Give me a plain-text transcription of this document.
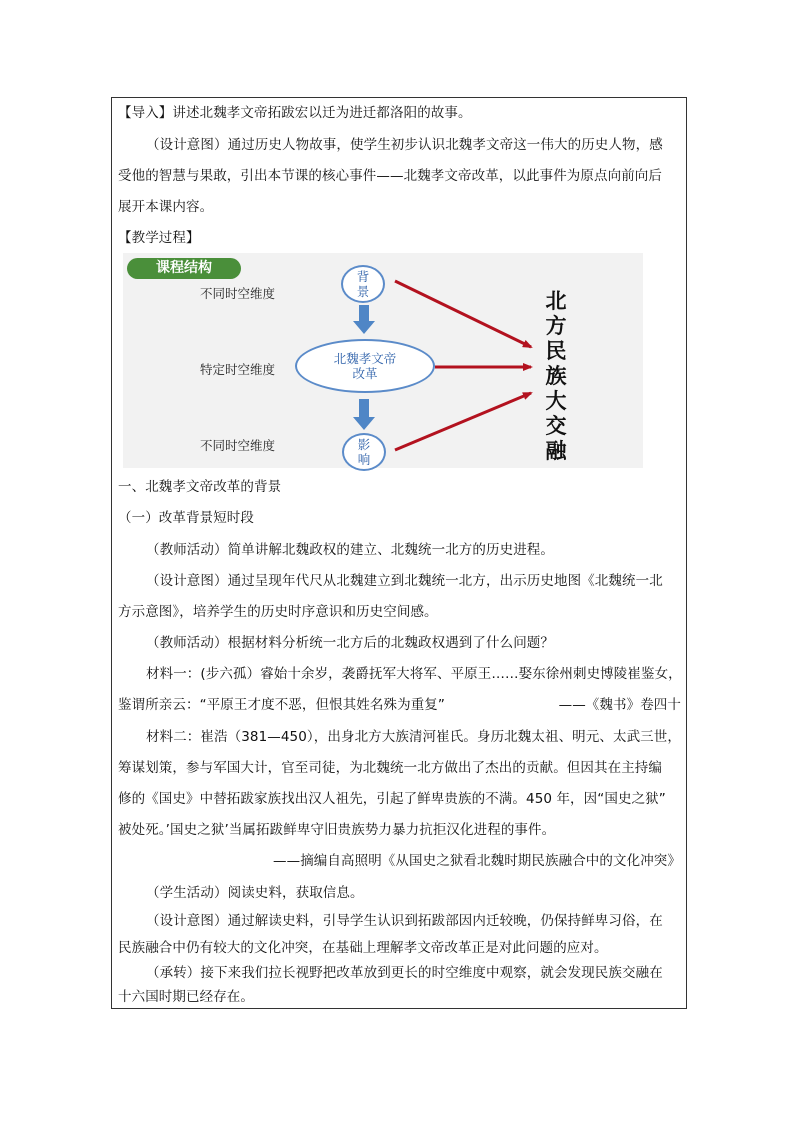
【导入】讲述北魏孝文帝拓跋宏以迁为进迁都洛阳的故事。
（设计意图）通过历史人物故事，使学生初步认识北魏孝文帝这一伟大的历史人物，感
受他的智慧与果敢，引出本节课的核心事件——北魏孝文帝改革，以此事件为原点向前向后
展开本课内容。
【教学过程】
课程结构
不同时空维度
特定时空维度
不同时空维度
背
景
北魏孝文帝
改革
影
响
北
方
民
族
大
交
融
一、北魏孝文帝改革的背景
（一）改革背景短时段
（教师活动）简单讲解北魏政权的建立、北魏统一北方的历史进程。
（设计意图）通过呈现年代尺从北魏建立到北魏统一北方，出示历史地图《北魏统一北
方示意图》，培养学生的历史时序意识和历史空间感。
（教师活动）根据材料分析统一北方后的北魏政权遇到了什么问题？
材料一：(步六孤）睿始十余岁，袭爵抚军大将军、平原王……娶东徐州刺史博陵崔鉴女，
鉴谓所亲云：“平原王才度不恶，但恨其姓名殊为重复”	——《魏书》卷四十
材料二：崔浩（381—450），出身北方大族清河崔氏。身历北魏太祖、明元、太武三世，
筹谋划策，参与军国大计，官至司徒，为北魏统一北方做出了杰出的贡献。但因其在主持编
修的《国史》中替拓跋家族找出汉人祖先，引起了鲜卑贵族的不满。450 年，因“国史之狱”
被处死。’国史之狱’当属拓跋鲜卑守旧贵族势力暴力抗拒汉化进程的事件。
——摘编自高照明《从国史之狱看北魏时期民族融合中的文化冲突》
（学生活动）阅读史料，获取信息。
（设计意图）通过解读史料，引导学生认识到拓跋部因内迁较晚，仍保持鲜卑习俗，在
民族融合中仍有较大的文化冲突，在基础上理解孝文帝改革正是对此问题的应对。
（承转）接下来我们拉长视野把改革放到更长的时空维度中观察，就会发现民族交融在
十六国时期已经存在。
